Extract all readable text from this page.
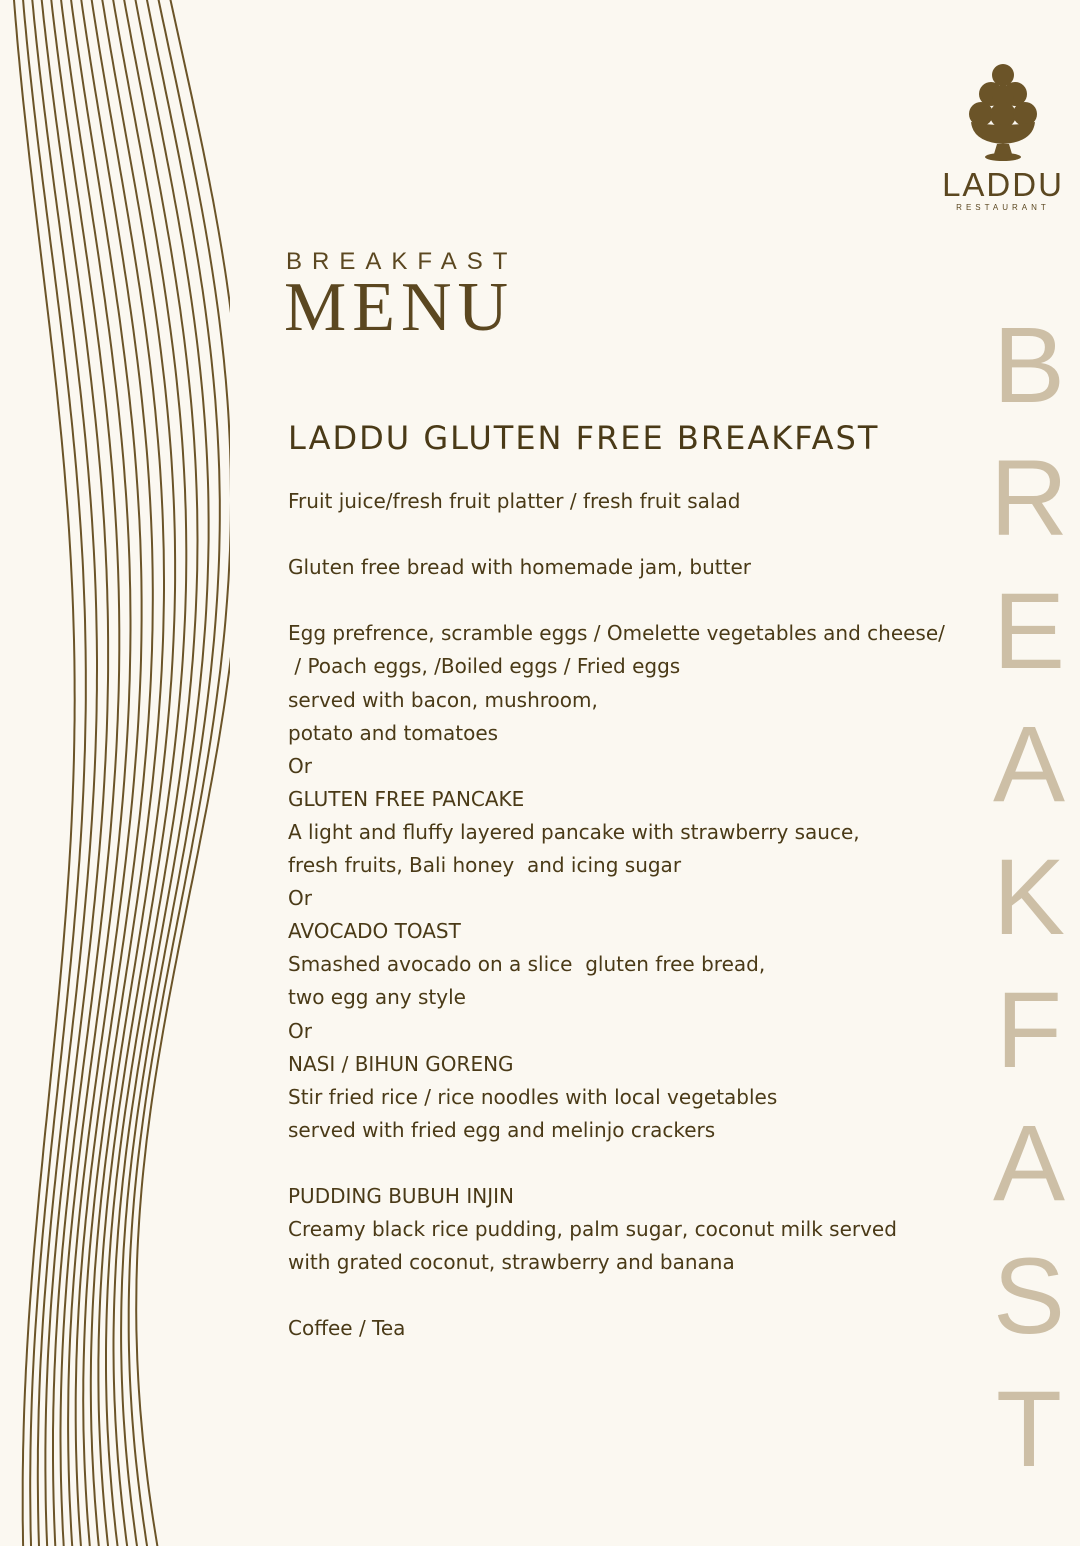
LADDU
RESTAURANT
BREAKFAST
MENU	B
R
E
A
K
F
A
S
T
LADDU GLUTEN FREE BREAKFAST
Fruit juice/fresh fruit platter / fresh fruit salad
Gluten free bread with homemade jam, butter
Egg prefrence, scramble eggs / Omelette vegetables and cheese/
/ Poach eggs, /Boiled eggs / Fried eggs
served with bacon, mushroom,
potato and tomatoes
Or
GLUTEN FREE PANCAKE
A light and fluffy layered pancake with strawberry sauce,
fresh fruits, Bali honey  and icing sugar
Or
AVOCADO TOAST
Smashed avocado on a slice  gluten free bread,
two egg any style
Or
NASI / BIHUN GORENG
Stir fried rice / rice noodles with local vegetables
served with fried egg and melinjo crackers
PUDDING BUBUH INJIN
Creamy black rice pudding, palm sugar, coconut milk served
with grated coconut, strawberry and banana
Coffee / Tea
